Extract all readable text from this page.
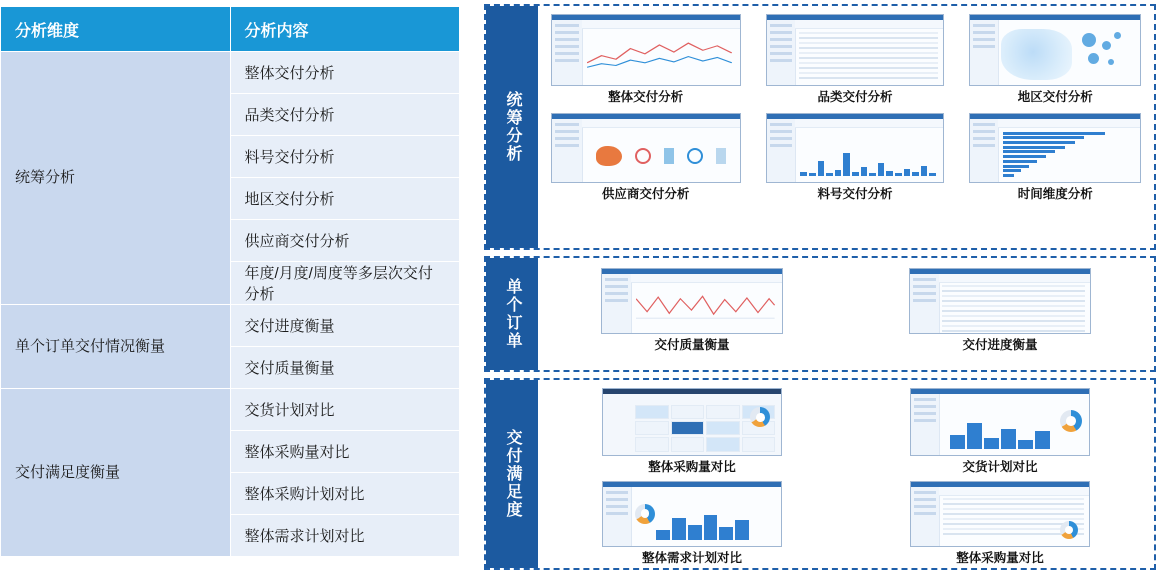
分析维度	分析内容
统筹分析	整体交付分析
	品类交付分析
	料号交付分析
	地区交付分析
	供应商交付分析
	年度/月度/周度等多层次交付分析
单个订单交付情况衡量	交付进度衡量
	交付质量衡量
交付满足度衡量	交货计划对比
	整体采购量对比
	整体采购计划对比
	整体需求计划对比
统筹分析	整体交付分析	品类交付分析	地区交付分析
供应商交付分析	料号交付分析	时间维度分析
单个订单	交付质量衡量	交付进度衡量
交付满足度	整体采购量对比	交货计划对比
整体需求计划对比	整体采购量对比
